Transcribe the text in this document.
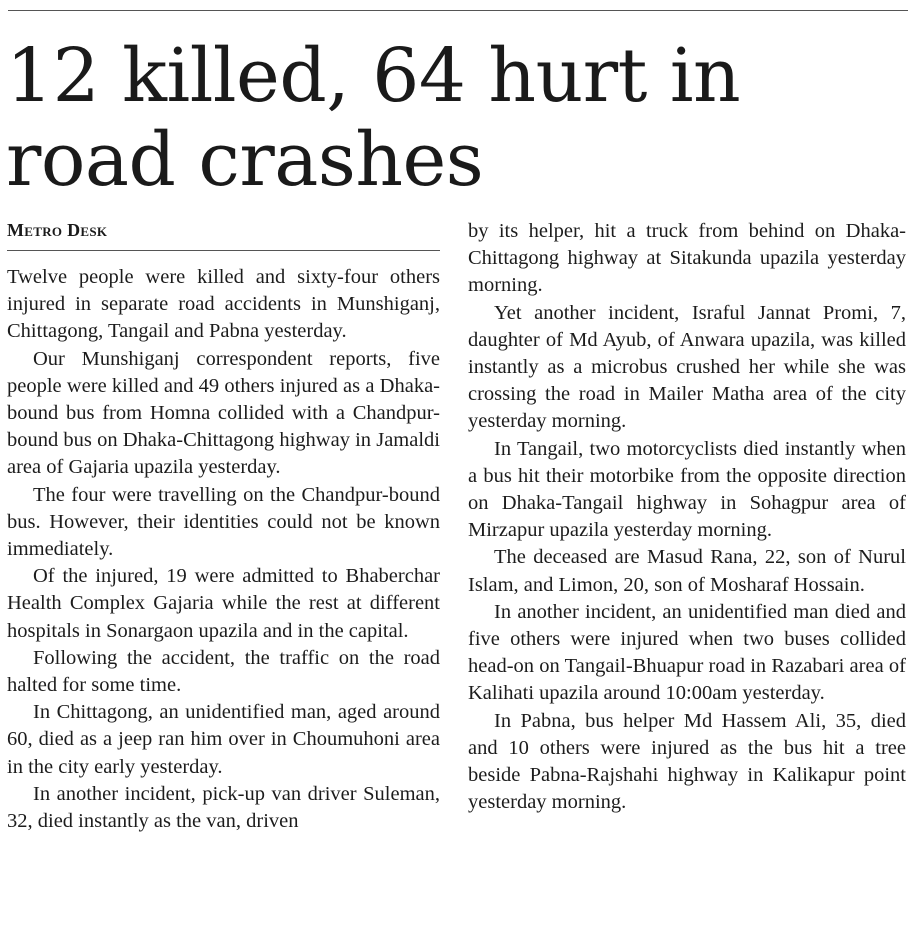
12 killed, 64 hurt in road crashes
Metro Desk

Twelve people were killed and sixty-four others injured in separate road accidents in Munshiganj, Chittagong, Tangail and Pabna yesterday.

Our Munshiganj correspondent reports, five people were killed and 49 others injured as a Dhaka-bound bus from Homna collided with a Chandpur-bound bus on Dhaka-Chittagong highway in Jamaldi area of Gajaria upazila yesterday.

The four were travelling on the Chandpur-bound bus. However, their identities could not be known immediately.

Of the injured, 19 were admitted to Bhaberchar Health Complex Gajaria while the rest at different hospitals in Sonargaon upazila and in the capital.

Following the accident, the traffic on the road halted for some time.

In Chittagong, an unidentified man, aged around 60, died as a jeep ran him over in Choumuhoni area in the city early yesterday.

In another incident, pick-up van driver Suleman, 32, died instantly as the van, driven

by its helper, hit a truck from behind on Dhaka-Chittagong highway at Sitakunda upazila yesterday morning.

Yet another incident, Israful Jannat Promi, 7, daughter of Md Ayub, of Anwara upazila, was killed instantly as a microbus crushed her while she was crossing the road in Mailer Matha area of the city yesterday morning.

In Tangail, two motorcyclists died instantly when a bus hit their motorbike from the opposite direction on Dhaka-Tangail highway in Sohagpur area of Mirzapur upazila yesterday morning.

The deceased are Masud Rana, 22, son of Nurul Islam, and Limon, 20, son of Mosharaf Hossain.

In another incident, an unidentified man died and five others were injured when two buses collided head-on on Tangail-Bhuapur road in Razabari area of Kalihati upazila around 10:00am yesterday.

In Pabna, bus helper Md Hassem Ali, 35, died and 10 others were injured as the bus hit a tree beside Pabna-Rajshahi highway in Kalikapur point yesterday morning.
